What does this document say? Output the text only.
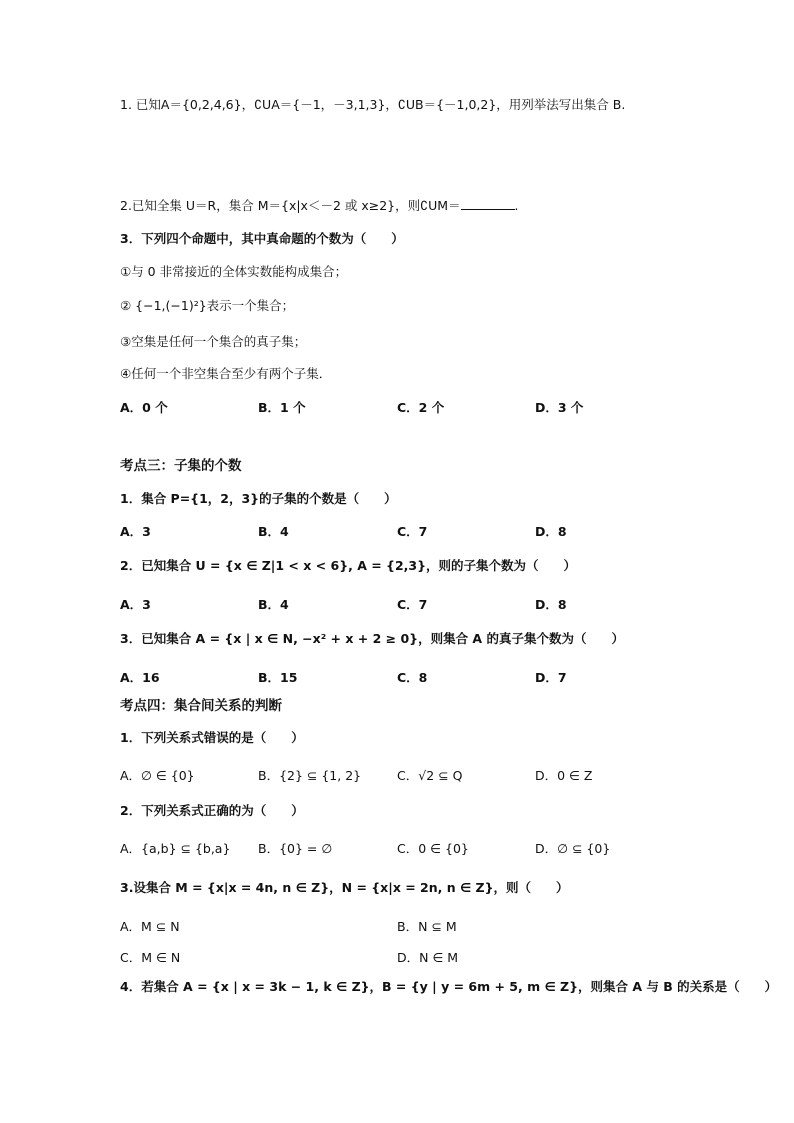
1. 已知A＝{0,2,4,6}，∁UA＝{－1，－3,1,3}，∁UB＝{－1,0,2}，用列举法写出集合 B.
2.已知全集 U＝R，集合 M＝{x|x＜－2 或 x≥2}，则∁UM＝	.
3．下列四个命题中，其中真命题的个数为（　　）
①与 0 非常接近的全体实数能构成集合；
② {−1,(−1)²}表示一个集合；
③空集是任何一个集合的真子集；
④任何一个非空集合至少有两个子集．
A．0 个	B．1 个	C．2 个	D．3 个
考点三：子集的个数
1．集合 P={1，2，3}的子集的个数是（　　）
A．3	B．4	C．7	D．8
2．已知集合 U = {x ∈ Z|1 < x < 6}, A = {2,3}，则的子集个数为（　　）
A．3	B．4	C．7	D．8
3．已知集合 A = {x | x ∈ N, −x² + x + 2 ≥ 0}，则集合 A 的真子集个数为（　　）
A．16	B．15	C．8	D．7
考点四：集合间关系的判断
1．下列关系式错误的是（　　）
A．∅ ∈ {0}	B．{2} ⊆ {1, 2}	C．√2 ⊆ Q	D．0 ∈ Z
2．下列关系式正确的为（　　）
A．{a,b} ⊆ {b,a} B．{0} = ∅	C．0 ∈ {0}	D．∅ ⊆ {0}
3.设集合 M = {x|x = 4n, n ∈ Z}，N = {x|x = 2n, n ∈ Z}，则（　　）
A．M ⊆ N	B．N ⊆ M
C．M ∈ N	D．N ∈ M
4．若集合 A = {x | x = 3k − 1, k ∈ Z}，B = {y | y = 6m + 5, m ∈ Z}，则集合 A 与 B 的关系是（　　）
